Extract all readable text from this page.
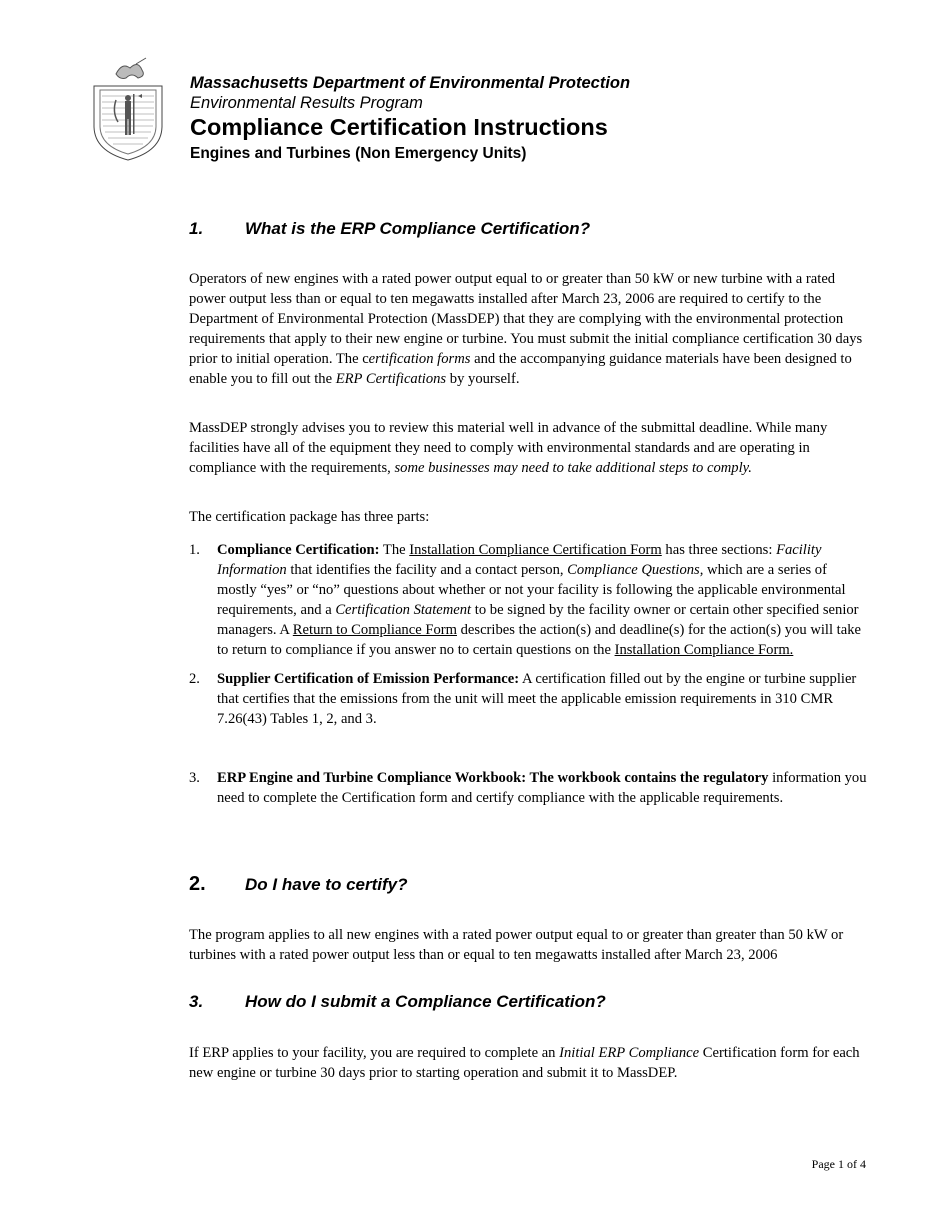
Massachusetts Department of Environmental Protection
Environmental Results Program
Compliance Certification Instructions
Engines and Turbines (Non Emergency Units)
1. What is the ERP Compliance Certification?

Operators of new engines with a rated power output equal to or greater than 50 kW or new turbine with a rated power output less than or equal to ten megawatts installed after March 23, 2006 are required to certify to the Department of Environmental Protection (MassDEP) that they are complying with the environmental protection requirements that apply to their new engine or turbine. You must submit the initial compliance certification 30 days prior to initial operation. The certification forms and the accompanying guidance materials have been designed to enable you to fill out the ERP Certifications by yourself.

MassDEP strongly advises you to review this material well in advance of the submittal deadline. While many facilities have all of the equipment they need to comply with environmental standards and are operating in compliance with the requirements, some businesses may need to take additional steps to comply.

The certification package has three parts:

1. Compliance Certification: The Installation Compliance Certification Form has three sections: Facility Information that identifies the facility and a contact person, Compliance Questions, which are a series of mostly “yes” or “no” questions about whether or not your facility is following the applicable environmental requirements, and a Certification Statement to be signed by the facility owner or certain other specified senior managers. A Return to Compliance Form describes the action(s) and deadline(s) for the action(s) you will take to return to compliance if you answer no to certain questions on the Installation Compliance Form.
2. Supplier Certification of Emission Performance: A certification filled out by the engine or turbine supplier that certifies that the emissions from the unit will meet the applicable emission requirements in 310 CMR 7.26(43) Tables 1, 2, and 3.
3. ERP Engine and Turbine Compliance Workbook: The workbook contains the regulatory information you need to complete the Certification form and certify compliance with the applicable requirements.
2. Do I have to certify?

The program applies to all new engines with a rated power output equal to or greater than greater than 50 kW or turbines with a rated power output less than or equal to ten megawatts installed after March 23, 2006

3. How do I submit a Compliance Certification?

If ERP applies to your facility, you are required to complete an Initial ERP Compliance Certification form for each new engine or turbine 30 days prior to starting operation and submit it to MassDEP.

Page 1 of 4
